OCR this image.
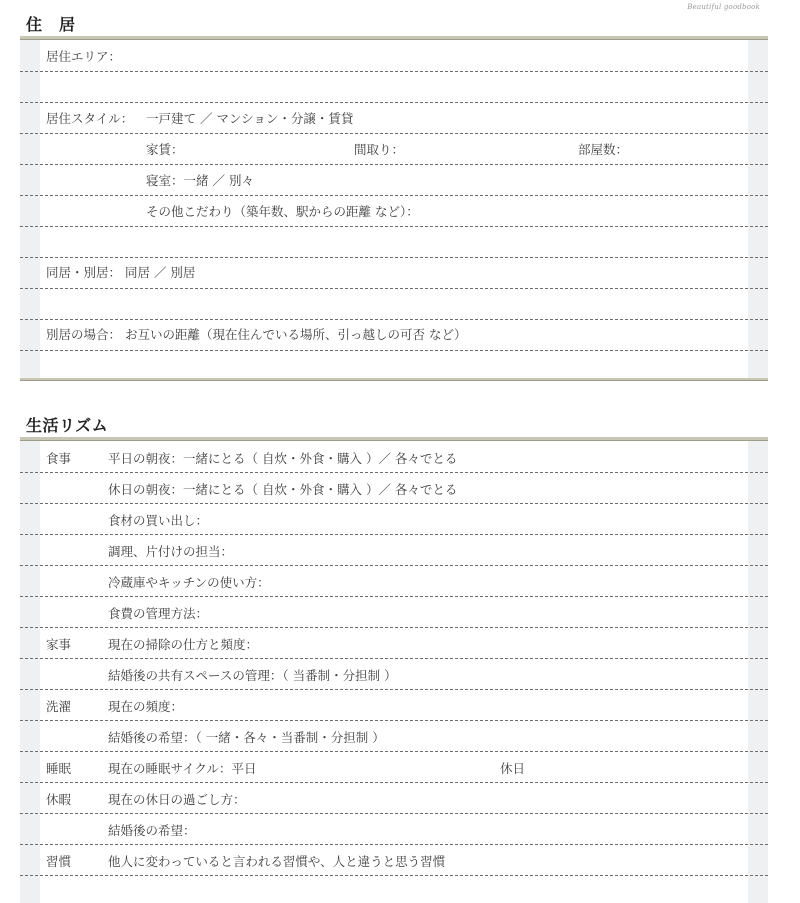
Beautiful goodbook
住　居
居住エリア：
居住スタイル： 一戸建て ／ マンション・分譲・賃貸
家賃：	間取り：	部屋数：
寝室：一緒 ／ 別々
その他こだわり（築年数、駅からの距離 など）：
同居・別居： 同居 ／ 別居
別居の場合： お互いの距離（現在住んでいる場所、引っ越しの可否 など）
生活リズム
食事	平日の朝夜：一緒にとる（ 自炊・外食・購入 ）／ 各々でとる
休日の朝夜：一緒にとる（ 自炊・外食・購入 ）／ 各々でとる
食材の買い出し：
調理、片付けの担当：
冷蔵庫やキッチンの使い方：
食費の管理方法：
家事	現在の掃除の仕方と頻度：
結婚後の共有スペースの管理：（ 当番制・分担制 ）
洗濯	現在の頻度：
結婚後の希望：（ 一緒・各々・当番制・分担制 ）
睡眠	現在の睡眠サイクル：平日	休日
休暇	現在の休日の過ごし方：
結婚後の希望：
習慣	他人に変わっていると言われる習慣や、人と違うと思う習慣
